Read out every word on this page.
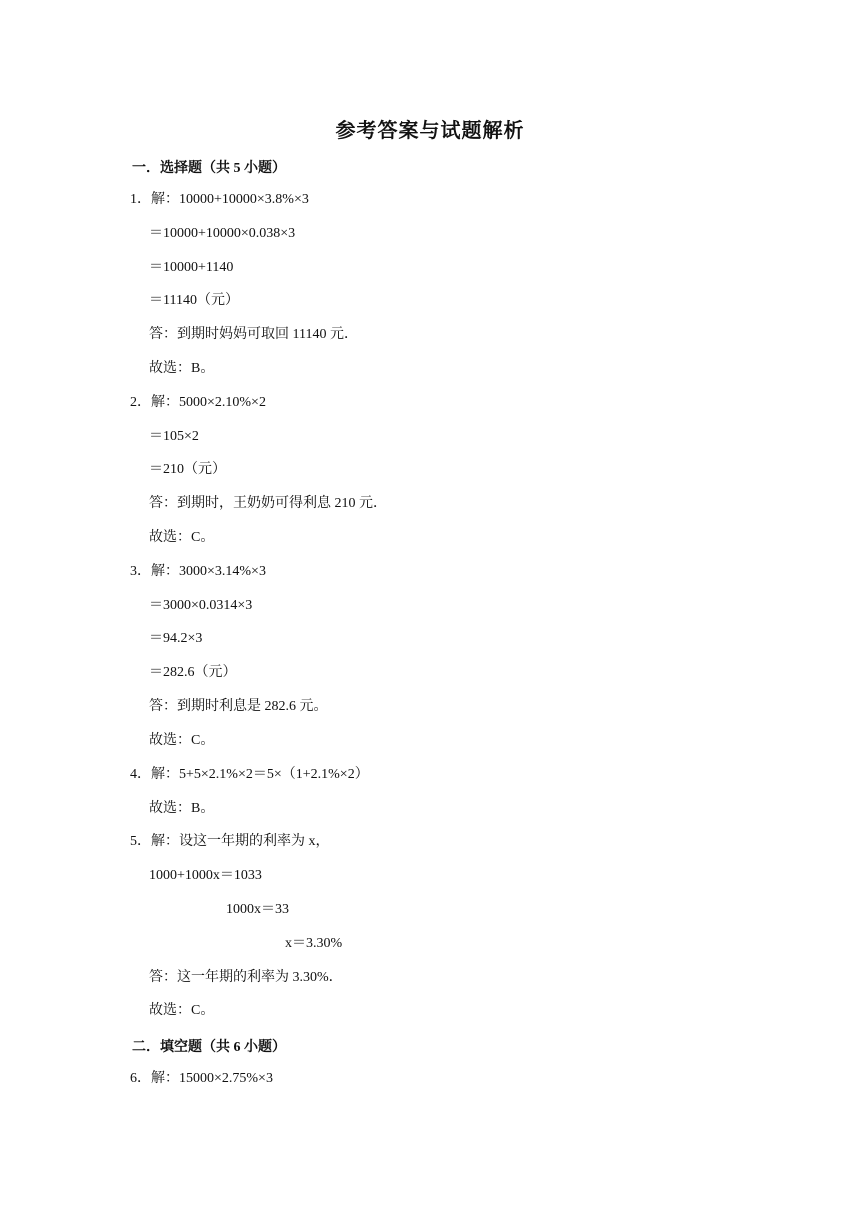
参考答案与试题解析
一．选择题（共 5 小题）
1．解：10000+10000×3.8%×3
＝10000+10000×0.038×3
＝10000+1140
＝11140（元）
答：到期时妈妈可取回 11140 元．
故选：B。
2．解：5000×2.10%×2
＝105×2
＝210（元）
答：到期时，王奶奶可得利息 210 元．
故选：C。
3．解：3000×3.14%×3
＝3000×0.0314×3
＝94.2×3
＝282.6（元）
答：到期时利息是 282.6 元。
故选：C。
4．解：5+5×2.1%×2＝5×（1+2.1%×2）
故选：B。
5．解：设这一年期的利率为 x，
1000+1000x＝1033
1000x＝33
x＝3.30%
答：这一年期的利率为 3.30%．
故选：C。
二．填空题（共 6 小题）
6．解：15000×2.75%×3
